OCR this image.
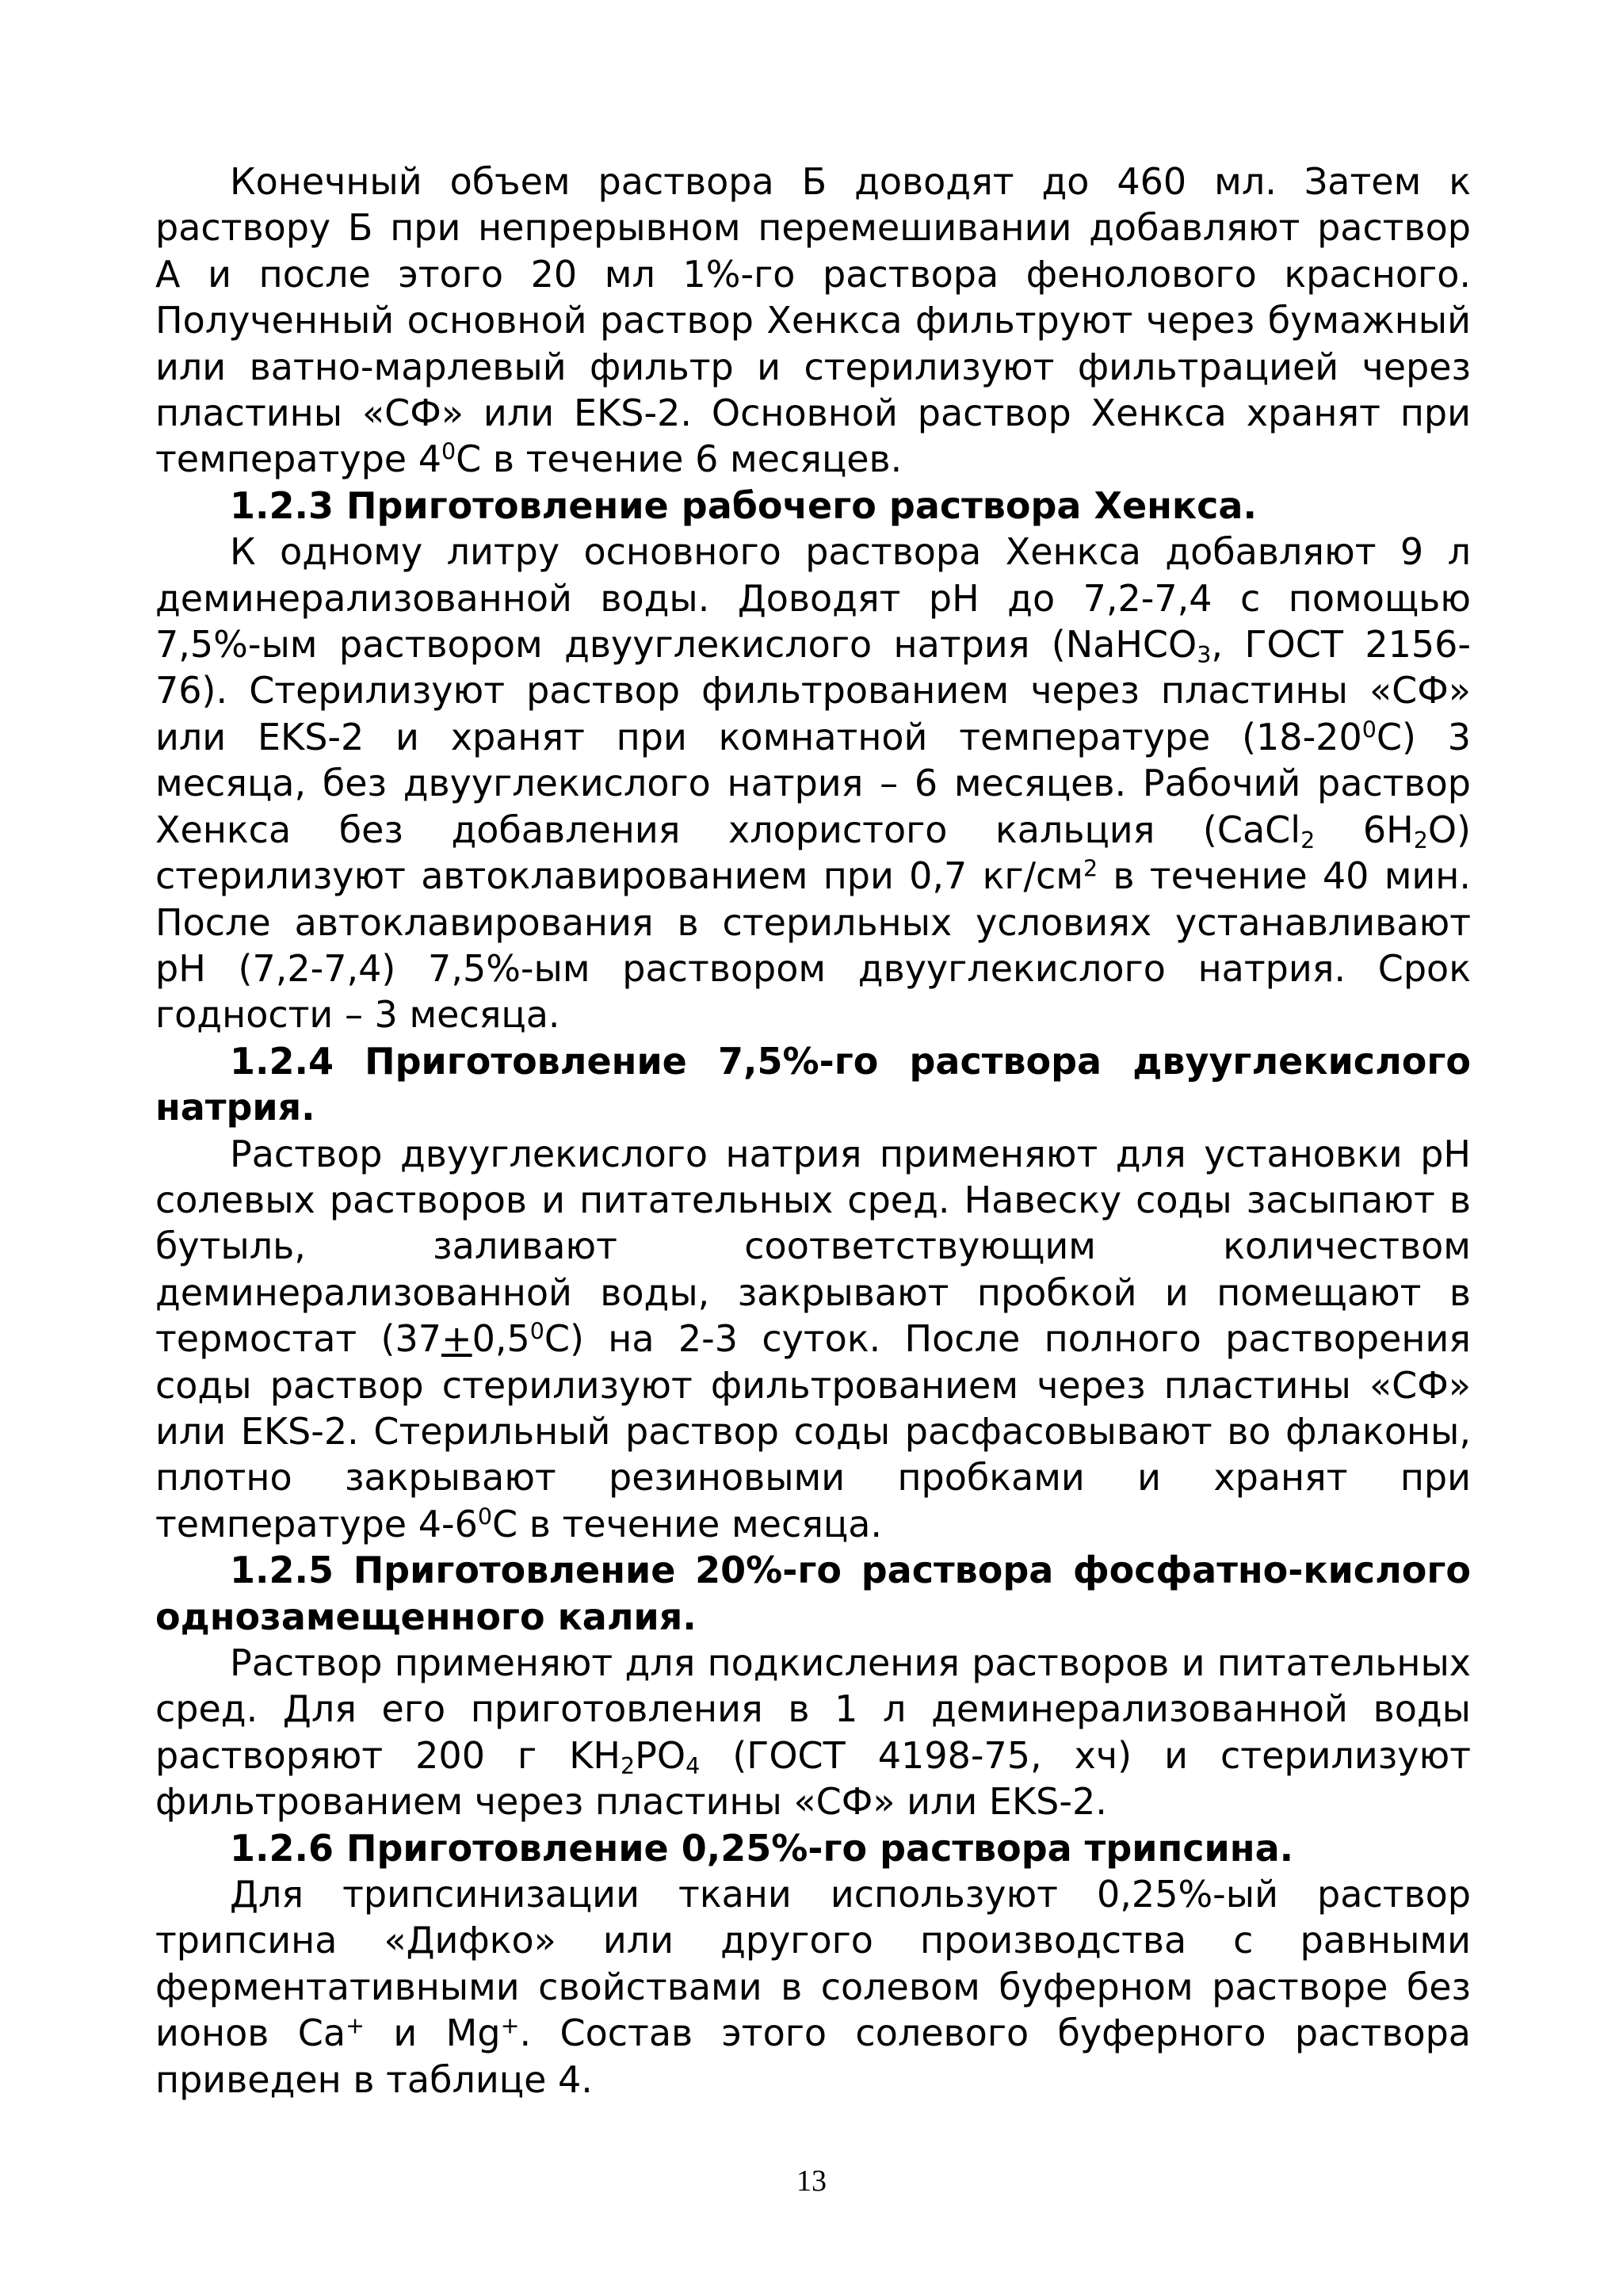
Конечный объем раствора Б доводят до 460 мл. Затем к раствору Б при непрерывном перемешивании добавляют раствор А и после этого 20 мл 1%-го раствора фенолового красного. Полученный основной раствор Хенкса фильтруют через бумажный или ватно-марлевый фильтр и стерилизуют фильтрацией через пластины «СФ» или EKS-2. Основной раствор Хенкса хранят при температуре $4^0С$ в течение 6 месяцев.

1.2.3 Приготовление рабочего раствора Хенкса.

К одному литру основного раствора Хенкса добавляют 9 л деминерализованной воды. Доводят рН до 7,2-7,4 с помощью 7,5%-ым раствором двууглекислого натрия (NaHCO$_3$, ГОСТ 2156-76). Стерилизуют раствор фильтрованием через пластины «СФ» или EKS-2 и хранят при комнатной температуре $(18-20^0С)$ 3 месяца, без двууглекислого натрия – 6 месяцев. Рабочий раствор Хенкса без добавления хлористого кальция (CaCl$_2$ $6H_2O$) стерилизуют автоклавированием при 0,7 $кг/см^2$ в течение 40 мин. После автоклавирования в стерильных условиях устанавливают рН (7,2-7,4) 7,5%-ым раствором двууглекислого натрия. Срок годности – 3 месяца.

1.2.4 Приготовление 7,5%-го раствора двууглекислого натрия.

Раствор двууглекислого натрия применяют для установки рН солевых растворов и питательных сред. Навеску соды засыпают в бутыль, заливают соответствующим количеством деминерализованной воды, закрывают пробкой и помещают в термостат $(37+0,5^0С)$ на 2-3 суток. После полного растворения соды раствор стерилизуют фильтрованием через пластины «СФ» или EKS-2. Стерильный раствор соды расфасовывают во флаконы, плотно закрывают резиновыми пробками и хранят при температуре $4-6^0С$ в течение месяца.

1.2.5 Приготовление 20%-го раствора фосфатно-кислого однозамещенного калия.

Раствор применяют для подкисления растворов и питательных сред. Для его приготовления в 1 л деминерализованной воды растворяют 200 г $KH_2PO_4$ (ГОСТ 4198-75, хч) и стерилизуют фильтрованием через пластины «СФ» или EKS-2.

1.2.6 Приготовление 0,25%-го раствора трипсина.

Для трипсинизации ткани используют 0,25%-ый раствор трипсина «Дифко» или другого производства с равными ферментативными свойствами в солевом буферном растворе без ионов Ca+ и Mg+. Состав этого солевого буферного раствора приведен в таблице 4.

13
